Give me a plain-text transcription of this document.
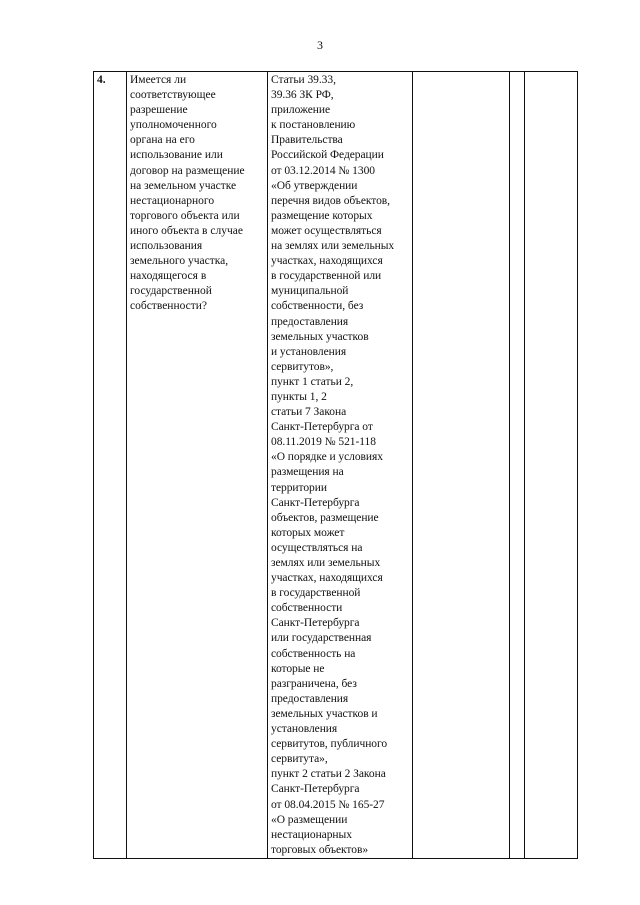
3
4.	Имеется ли
соответствующее
разрешение
уполномоченного
органа на его
использование или
договор на размещение
на земельном участке
нестационарного
торгового объекта или
иного объекта в случае
использования
земельного участка,
находящегося в
государственной
собственности?	Статьи 39.33,
39.36 ЗК РФ,
приложение
к постановлению
Правительства
Российской Федерации
от 03.12.2014 № 1300
«Об утверждении
перечня видов объектов,
размещение которых
может осуществляться
на землях или земельных
участках, находящихся
в государственной или
муниципальной
собственности, без
предоставления
земельных участков
и установления
сервитутов»,
пункт 1 статьи 2,
пункты 1, 2
статьи 7 Закона
Санкт-Петербурга от
08.11.2019 № 521-118
«О порядке и условиях
размещения на
территории
Санкт-Петербурга
объектов, размещение
которых может
осуществляться на
землях или земельных
участках, находящихся
в государственной
собственности
Санкт-Петербурга
или государственная
собственность на
которые не
разграничена, без
предоставления
земельных участков и
установления
сервитутов, публичного
сервитута»,
пункт 2 статьи 2 Закона
Санкт-Петербурга
от 08.04.2015 № 165-27
«О размещении
нестационарных
торговых объектов»			
